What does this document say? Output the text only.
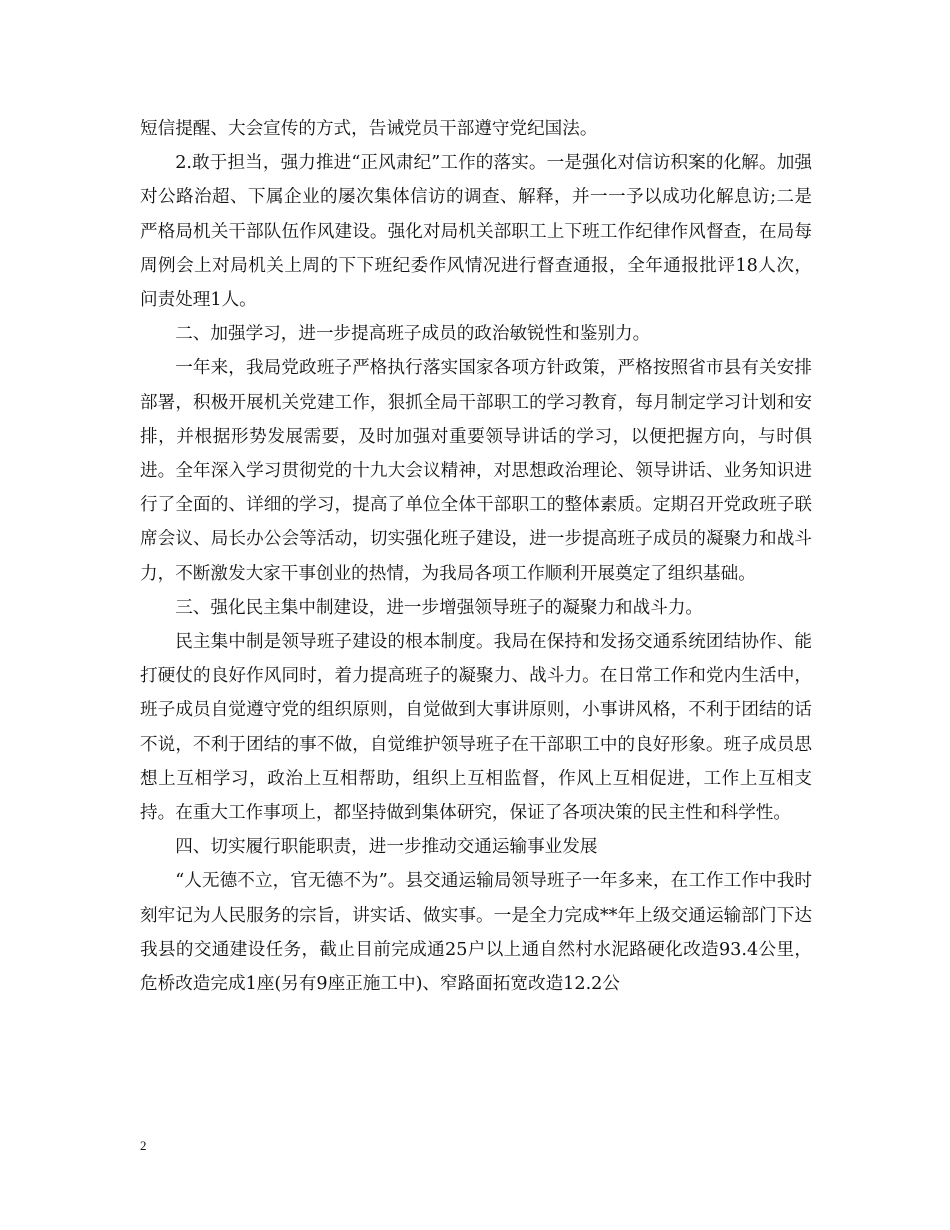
短信提醒、大会宣传的方式，告诫党员干部遵守党纪国法。

2.敢于担当，强力推进“正风肃纪”工作的落实。一是强化对信访积案的化解。加强对公路治超、下属企业的屡次集体信访的调查、解释，并一一予以成功化解息访;二是严格局机关干部队伍作风建设。强化对局机关部职工上下班工作纪律作风督查，在局每周例会上对局机关上周的下下班纪委作风情况进行督查通报，全年通报批评18人次，问责处理1人。

二、加强学习，进一步提高班子成员的政治敏锐性和鉴别力。

一年来，我局党政班子严格执行落实国家各项方针政策，严格按照省市县有关安排部署，积极开展机关党建工作，狠抓全局干部职工的学习教育，每月制定学习计划和安排，并根据形势发展需要，及时加强对重要领导讲话的学习，以便把握方向，与时俱进。全年深入学习贯彻党的十九大会议精神，对思想政治理论、领导讲话、业务知识进行了全面的、详细的学习，提高了单位全体干部职工的整体素质。定期召开党政班子联席会议、局长办公会等活动，切实强化班子建设，进一步提高班子成员的凝聚力和战斗力，不断激发大家干事创业的热情，为我局各项工作顺利开展奠定了组织基础。

三、强化民主集中制建设，进一步增强领导班子的凝聚力和战斗力。

民主集中制是领导班子建设的根本制度。我局在保持和发扬交通系统团结协作、能打硬仗的良好作风同时，着力提高班子的凝聚力、战斗力。在日常工作和党内生活中，班子成员自觉遵守党的组织原则，自觉做到大事讲原则，小事讲风格，不利于团结的话不说，不利于团结的事不做，自觉维护领导班子在干部职工中的良好形象。班子成员思想上互相学习，政治上互相帮助，组织上互相监督，作风上互相促进，工作上互相支持。在重大工作事项上，都坚持做到集体研究，保证了各项决策的民主性和科学性。

四、切实履行职能职责，进一步推动交通运输事业发展

“人无德不立，官无德不为”。县交通运输局领导班子一年多来，在工作工作中我时刻牢记为人民服务的宗旨，讲实话、做实事。一是全力完成**年上级交通运输部门下达我县的交通建设任务，截止目前完成通25户以上通自然村水泥路硬化改造93.4公里，危桥改造完成1座(另有9座正施工中)、窄路面拓宽改造12.2公

2
